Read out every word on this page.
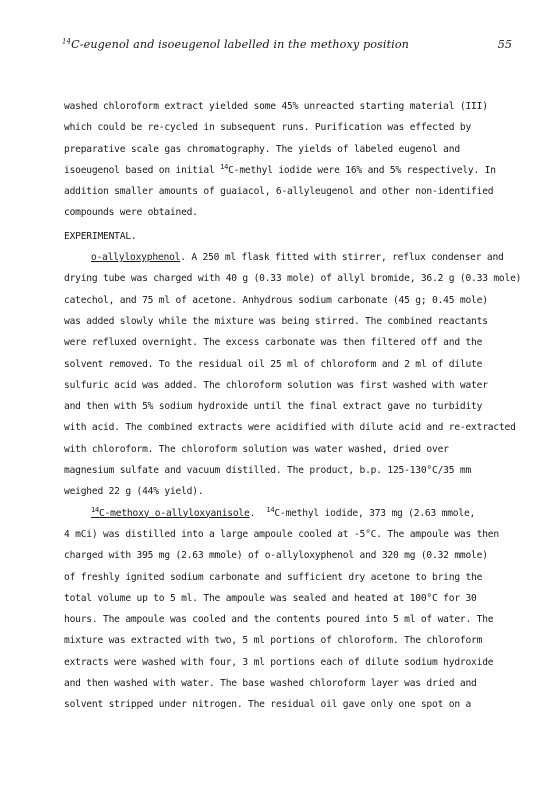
$^{14}$C-eugenol and isoeugenol labelled in the methoxy position	55
washed chloroform extract yielded some 45% unreacted starting material (III)
which could be re-cycled in subsequent runs. Purification was effected by
preparative scale gas chromatography. The yields of labeled eugenol and
isoeugenol based on initial $^{14}$C-methyl iodide were 16% and 5% respectively. In
addition smaller amounts of guaiacol, 6-allyleugenol and other non-identified
compounds were obtained.
EXPERIMENTAL.
o-allyloxyphenol. A 250 ml flask fitted with stirrer, reflux condenser and
drying tube was charged with 40 g (0.33 mole) of allyl bromide, 36.2 g (0.33 mole)
catechol, and 75 ml of acetone. Anhydrous sodium carbonate (45 g; 0.45 mole)
was added slowly while the mixture was being stirred. The combined reactants
were refluxed overnight. The excess carbonate was then filtered off and the
solvent removed. To the residual oil 25 ml of chloroform and 2 ml of dilute
sulfuric acid was added. The chloroform solution was first washed with water
and then with 5% sodium hydroxide until the final extract gave no turbidity
with acid. The combined extracts were acidified with dilute acid and re-extracted
with chloroform. The chloroform solution was water washed, dried over
magnesium sulfate and vacuum distilled. The product, b.p. 125-130°C/35 mm
weighed 22 g (44% yield).
$^{14}$C-methoxy o-allyloxyanisole.  $^{14}$C-methyl iodide, 373 mg (2.63 mmole,
4 mCi) was distilled into a large ampoule cooled at -5°C. The ampoule was then
charged with 395 mg (2.63 mmole) of o-allyloxyphenol and 320 mg (0.32 mmole)
of freshly ignited sodium carbonate and sufficient dry acetone to bring the
total volume up to 5 ml. The ampoule was sealed and heated at 100°C for 30
hours. The ampoule was cooled and the contents poured into 5 ml of water. The
mixture was extracted with two, 5 ml portions of chloroform. The chloroform
extracts were washed with four, 3 ml portions each of dilute sodium hydroxide
and then washed with water. The base washed chloroform layer was dried and
solvent stripped under nitrogen. The residual oil gave only one spot on a
